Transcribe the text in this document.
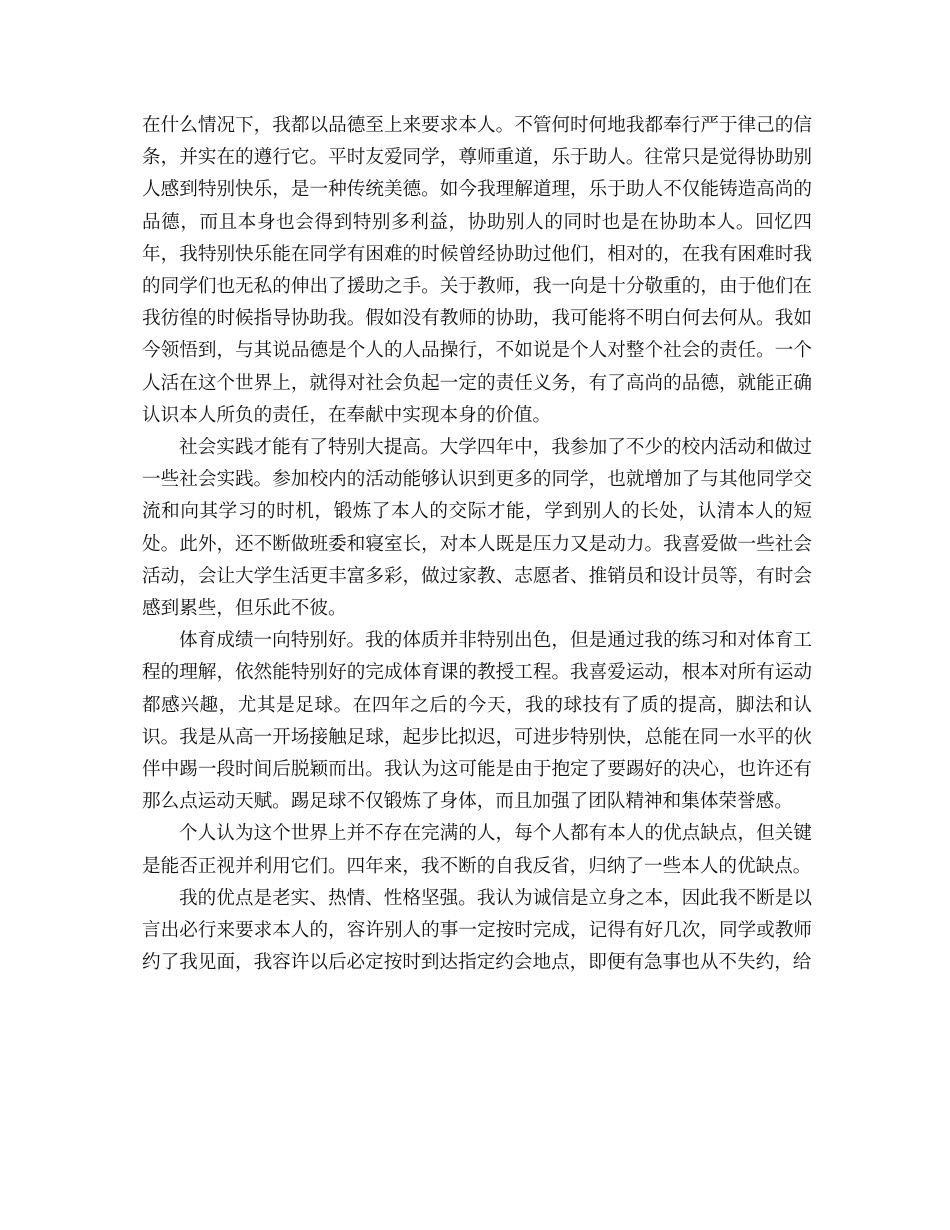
在什么情况下，我都以品德至上来要求本人。不管何时何地我都奉行严于律己的信条，并实在的遵行它。平时友爱同学，尊师重道，乐于助人。往常只是觉得协助别人感到特别快乐，是一种传统美德。如今我理解道理，乐于助人不仅能铸造高尚的品德，而且本身也会得到特别多利益，协助别人的同时也是在协助本人。回忆四年，我特别快乐能在同学有困难的时候曾经协助过他们，相对的，在我有困难时我的同学们也无私的伸出了援助之手。关于教师，我一向是十分敬重的，由于他们在我彷徨的时候指导协助我。假如没有教师的协助，我可能将不明白何去何从。我如今领悟到，与其说品德是个人的人品操行，不如说是个人对整个社会的责任。一个人活在这个世界上，就得对社会负起一定的责任义务，有了高尚的品德，就能正确认识本人所负的责任，在奉献中实现本身的价值。

社会实践才能有了特别大提高。大学四年中，我参加了不少的校内活动和做过一些社会实践。参加校内的活动能够认识到更多的同学，也就增加了与其他同学交流和向其学习的时机，锻炼了本人的交际才能，学到别人的长处，认清本人的短处。此外，还不断做班委和寝室长，对本人既是压力又是动力。我喜爱做一些社会活动，会让大学生活更丰富多彩，做过家教、志愿者、推销员和设计员等，有时会感到累些，但乐此不彼。

体育成绩一向特别好。我的体质并非特别出色，但是通过我的练习和对体育工程的理解，依然能特别好的完成体育课的教授工程。我喜爱运动，根本对所有运动都感兴趣，尤其是足球。在四年之后的今天，我的球技有了质的提高，脚法和认识。我是从高一开场接触足球，起步比拟迟，可进步特别快，总能在同一水平的伙伴中踢一段时间后脱颖而出。我认为这可能是由于抱定了要踢好的决心，也许还有那么点运动天赋。踢足球不仅锻炼了身体，而且加强了团队精神和集体荣誉感。

个人认为这个世界上并不存在完满的人，每个人都有本人的优点缺点，但关键是能否正视并利用它们。四年来，我不断的自我反省，归纳了一些本人的优缺点。

我的优点是老实、热情、性格坚强。我认为诚信是立身之本，因此我不断是以言出必行来要求本人的，容许别人的事一定按时完成，记得有好几次，同学或教师约了我见面，我容许以后必定按时到达指定约会地点，即便有急事也从不失约，给
